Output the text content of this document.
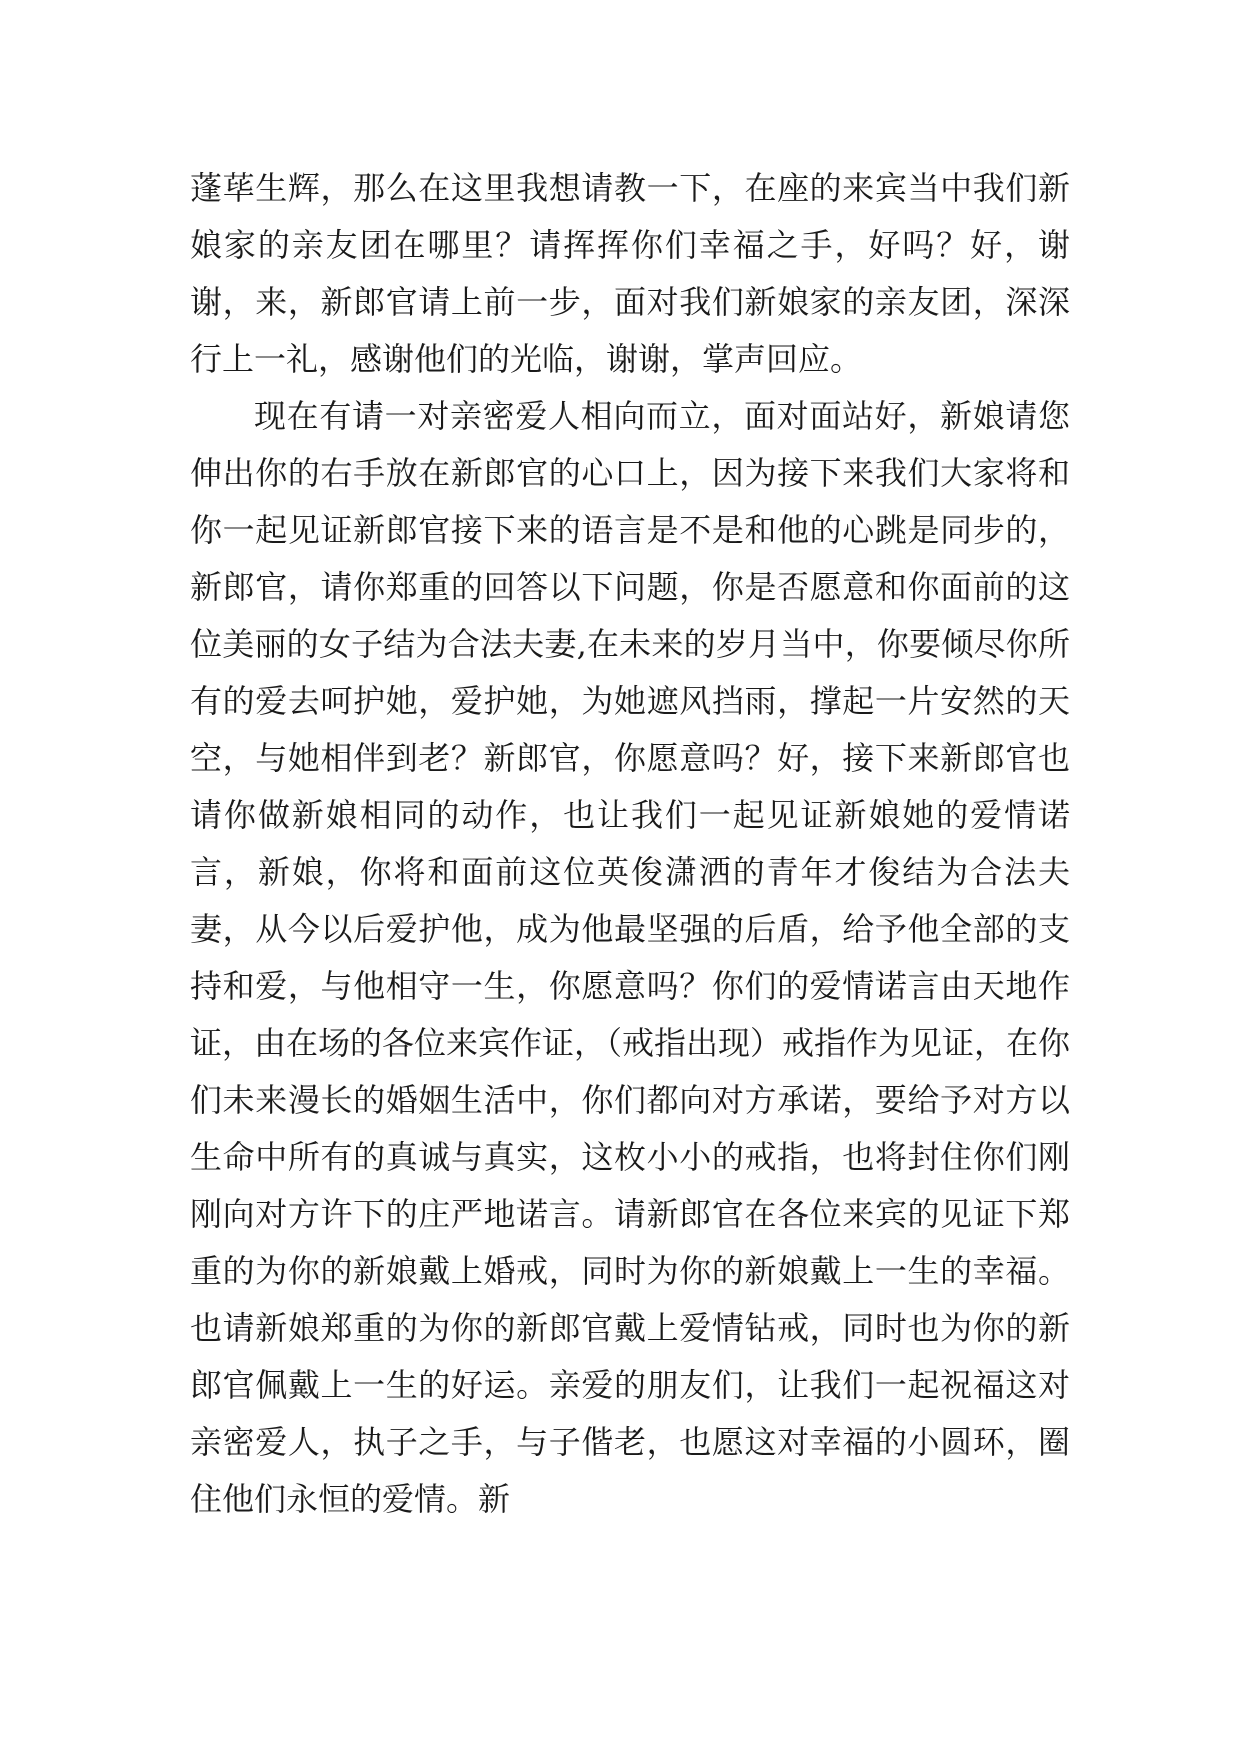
蓬荜生辉，那么在这里我想请教一下，在座的来宾当中我们新娘家的亲友团在哪里？请挥挥你们幸福之手，好吗？好，谢谢，来，新郎官请上前一步，面对我们新娘家的亲友团，深深行上一礼，感谢他们的光临，谢谢，掌声回应。

现在有请一对亲密爱人相向而立，面对面站好，新娘请您伸出你的右手放在新郎官的心口上，因为接下来我们大家将和你一起见证新郎官接下来的语言是不是和他的心跳是同步的，新郎官，请你郑重的回答以下问题，你是否愿意和你面前的这位美丽的女子结为合法夫妻,在未来的岁月当中，你要倾尽你所有的爱去呵护她，爱护她，为她遮风挡雨，撑起一片安然的天空，与她相伴到老？新郎官，你愿意吗？好，接下来新郎官也请你做新娘相同的动作，也让我们一起见证新娘她的爱情诺言，新娘，你将和面前这位英俊潇洒的青年才俊结为合法夫妻，从今以后爱护他，成为他最坚强的后盾，给予他全部的支持和爱，与他相守一生，你愿意吗？你们的爱情诺言由天地作证，由在场的各位来宾作证，（戒指出现）戒指作为见证，在你们未来漫长的婚姻生活中，你们都向对方承诺，要给予对方以生命中所有的真诚与真实，这枚小小的戒指，也将封住你们刚刚向对方许下的庄严地诺言。请新郎官在各位来宾的见证下郑重的为你的新娘戴上婚戒，同时为你的新娘戴上一生的幸福。也请新娘郑重的为你的新郎官戴上爱情钻戒，同时也为你的新郎官佩戴上一生的好运。亲爱的朋友们，让我们一起祝福这对亲密爱人，执子之手，与子偕老，也愿这对幸福的小圆环，圈住他们永恒的爱情。新
